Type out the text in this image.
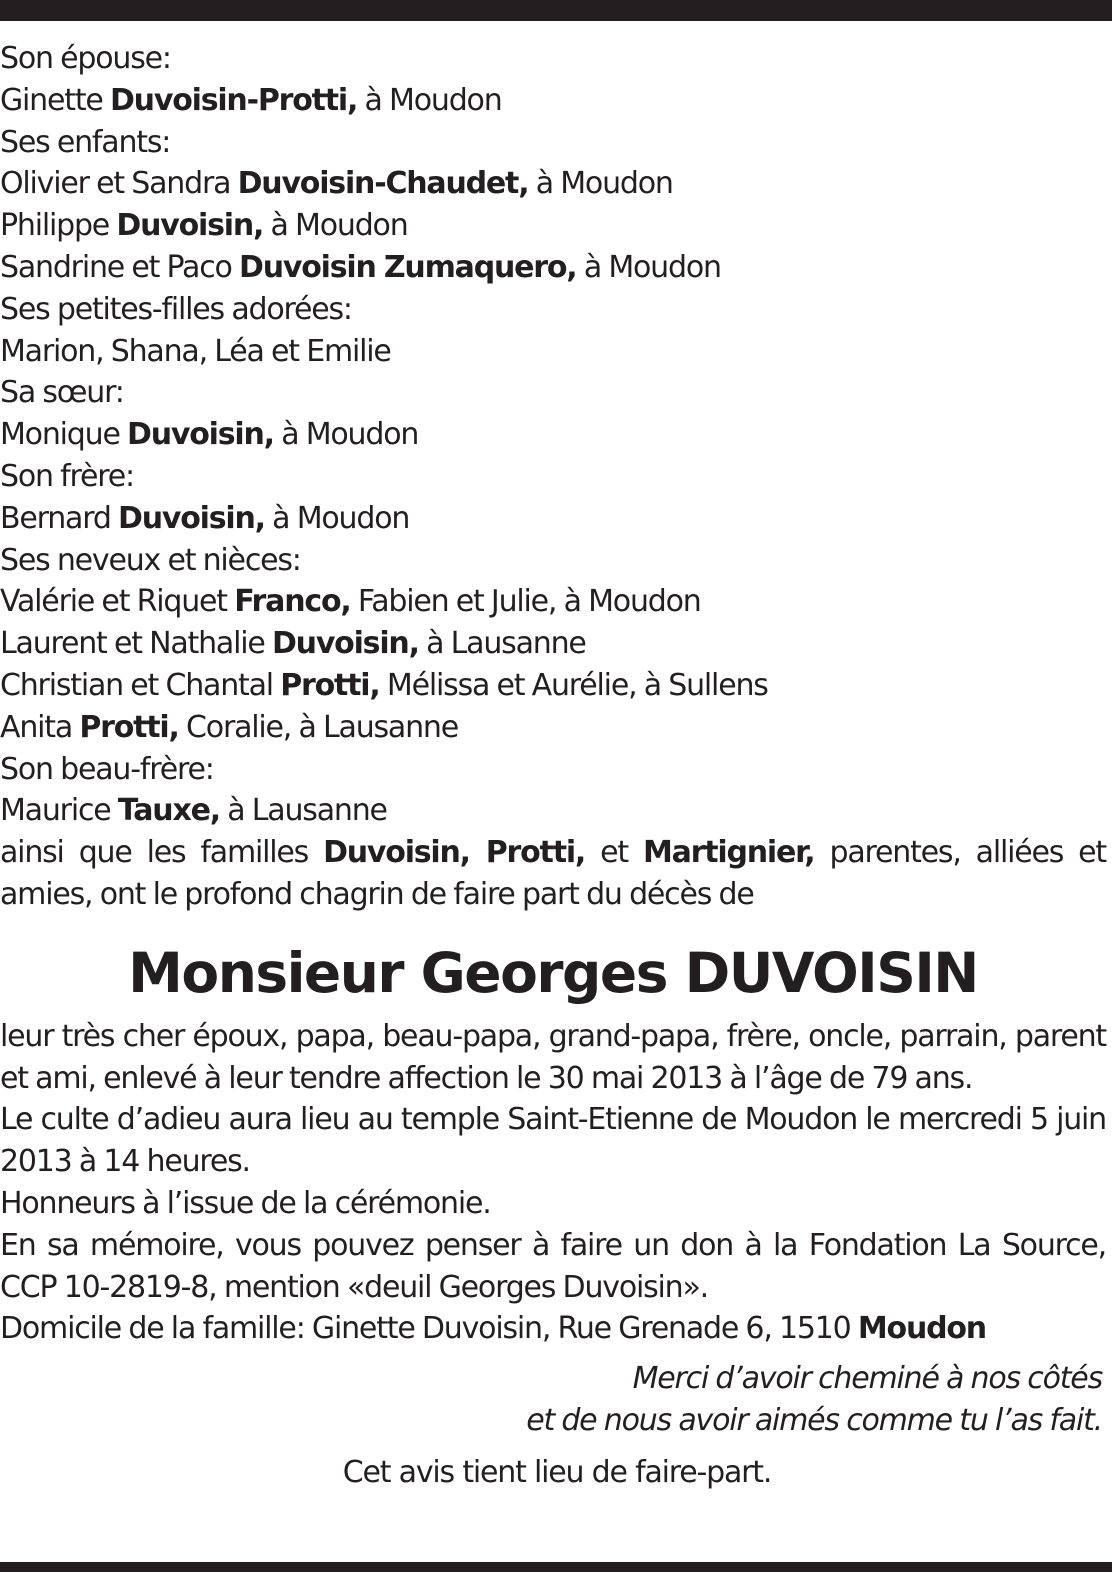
Son épouse:
Ginette Duvoisin-Protti, à Moudon
Ses enfants:
Olivier et Sandra Duvoisin-Chaudet, à Moudon
Philippe Duvoisin, à Moudon
Sandrine et Paco Duvoisin Zumaquero, à Moudon
Ses petites-filles adorées:
Marion, Shana, Léa et Emilie
Sa sœur:
Monique Duvoisin, à Moudon
Son frère:
Bernard Duvoisin, à Moudon
Ses neveux et nièces:
Valérie et Riquet Franco, Fabien et Julie, à Moudon
Laurent et Nathalie Duvoisin, à Lausanne
Christian et Chantal Protti, Mélissa et Aurélie, à Sullens
Anita Protti, Coralie, à Lausanne
Son beau-frère:
Maurice Tauxe, à Lausanne
ainsi que les familles Duvoisin, Protti, et Martignier, parentes, alliées et amies, ont le profond chagrin de faire part du décès de
Monsieur Georges DUVOISIN
leur très cher époux, papa, beau-papa, grand-papa, frère, oncle, parrain, parent et ami, enlevé à leur tendre affection le 30 mai 2013 à l’âge de 79 ans.
Le culte d’adieu aura lieu au temple Saint-Etienne de Moudon le mercredi 5 juin 2013 à 14 heures.
Honneurs à l’issue de la cérémonie.
En sa mémoire, vous pouvez penser à faire un don à la Fondation La Source, CCP 10-2819-8, mention «deuil Georges Duvoisin».
Domicile de la famille: Ginette Duvoisin, Rue Grenade 6, 1510 Moudon
Merci d’avoir cheminé à nos côtés
et de nous avoir aimés comme tu l’as fait.
Cet avis tient lieu de faire-part.
